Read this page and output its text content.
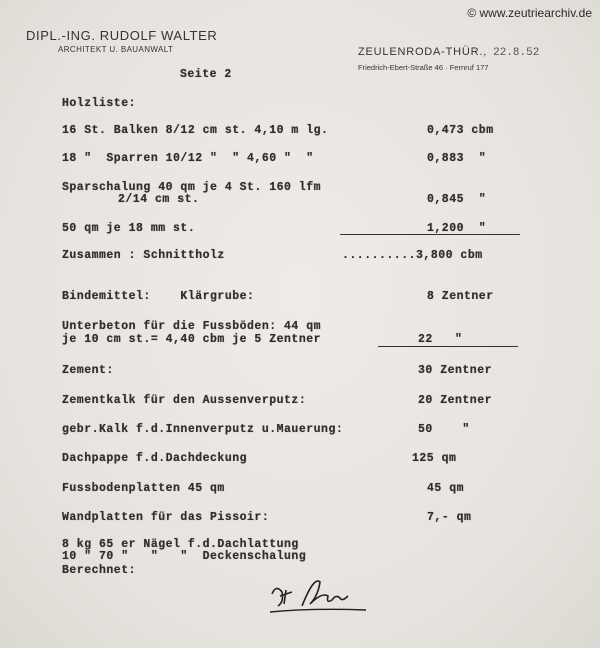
© www.zeutriearchiv.de
DIPL.-ING. RUDOLF WALTER
ARCHITEKT U. BAUANWALT	ZEULENRODA-THÜR., 22.8.52
Friedrich-Ebert-Straße 46 · Fernruf 177
Seite 2
Holzliste:
16 St. Balken 8/12 cm st. 4,10 m lg.	0,473 cbm
18 "  Sparren 10/12 "  " 4,60 "  "	0,883  "
Sparschalung 40 qm je 4 St. 160 lfm
2/14 cm st.	0,845  "
50 qm je 18 mm st.	1,200  "
Zusammen : Schnittholz	..........3,800 cbm
Bindemittel:    Klärgrube:	8 Zentner
Unterbeton für die Fussböden: 44 qm
je 10 cm st.= 4,40 cbm je 5 Zentner	22   "
Zement:	30 Zentner
Zementkalk für den Aussenverputz:	20 Zentner
gebr.Kalk f.d.Innenverputz u.Mauerung:	50    "
Dachpappe f.d.Dachdeckung	125 qm
Fussbodenplatten 45 qm	45 qm
Wandplatten für das Pissoir:	7,- qm
8 kg 65 er Nägel f.d.Dachlattung
10 " 70 "   "   "  Deckenschalung
Berechnet:
